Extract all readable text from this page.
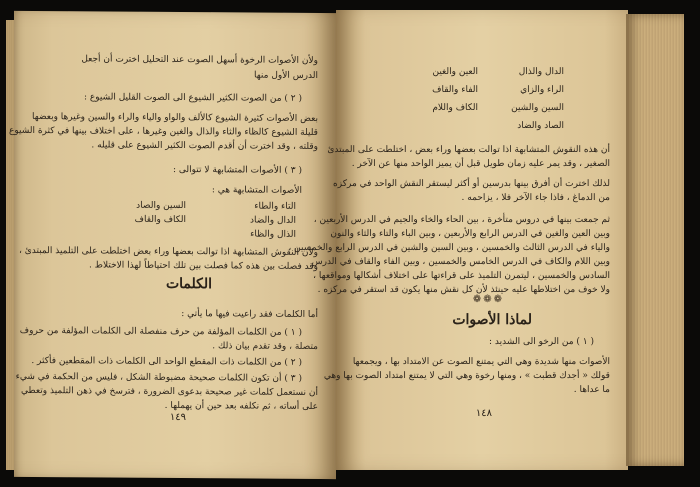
ولأن الأصوات الرخوة أسهل الصوت عند التحليل اخترت أن أجعل
الدرس الأول منها
( ٢ ) من الصوت الكثير الشيوع الى الصوت القليل الشيوع :
بعض الأصوات كثيرة الشيوع كالألف والواو والياء والراء والسين وغيرها وبعضها
قليلة الشيوع كالظاء والثاء والذال والغين وغيرها ، على اختلاف بينها في كثرة الشيوع
وقلته ، وقد اخترت أن أقدم الصوت الكثير الشيوع على قليله .
( ٣ ) الأصوات المتشابهة لا تتوالى :
الأصوات المتشابهة هي :
التاء والطاء
السين والصاد
الدال والضاد
الكاف والقاف
الذال والظاء
ولأن النقوش المتشابهة اذا توالت بعضها وراء بعض اختلطت على التلميذ المبتدئ ،
وقد فصلت بين هذه كما فصلت بين تلك احتياطاً لهذا الاختلاط .
الكلمات
أما الكلمات فقد راعيت فيها ما يأتي :
( ١ ) من الكلمات المؤلفة من حرف منفصلة الى الكلمات المؤلفة من حروف
متصلة ، وقد تقدم بيان ذلك .
( ٢ ) من الكلمات ذات المقطع الواحد الى الكلمات ذات المقطعين فأكثر .
( ٣ ) أن تكون الكلمات صحيحة مضبوطة الشكل ، فليس من الحكمة في شيء
أن نستعمل كلمات غير صحيحة بدعوى الضرورة ، فترسخ في ذهن التلميذ وتعطي
على أساته ، ثم نكلفه بعد حين أن يهملها .
١٤٩
الدال والذال
العين والغين
الراء والزاي
الفاء والقاف
السين والشين
الكاف واللام
الصاد والضاد
أن هذه النقوش المتشابهة اذا توالت بعضها وراء بعض ، اختلطت على المبتدئ
الصغير ، وقد يمر عليه زمان طويل قبل أن يميز الواحد منها عن الآخر .
لذلك اخترت أن أفرق بينها بدرسين أو أكثر ليستقر النقش الواحد في مركزه
من الدماغ ، فاذا جاء الآخر فلا ، يزاحمه .
ثم جمعت بينها في دروس متأخرة ، بين الحاء والخاء والجيم في الدرس الأربعين ،
وبين العين والغين في الدرس الرابع والأربعين ، وبين الباء والتاء والثاء والنون
والياء في الدرس الثالث والخمسين ، وبين السين والشين في الدرس الرابع والخمسين ،
وبين اللام والكاف في الدرس الخامس والخمسين ، وبين الفاء والقاف في الدرس
السادس والخمسين ، ليتمرن التلميذ على قراءتها على اختلاف أشكالها ومواقعها ،
ولا خوف من اختلاطها عليه حينئذ لأن كل نقش منها يكون قد استقر في مركزه .
❁❁❁
لماذا الأصوات
( ١ ) من الرخو الى الشديد :
الأصوات منها شديدة وهي التي يمتنع الصوت عن الامتداد بها ، ويجمعها
قولك « أجدك قطبت » ، ومنها رخوة وهي التي لا يمتنع امتداد الصوت بها وهي
ما عداها .
١٤٨
